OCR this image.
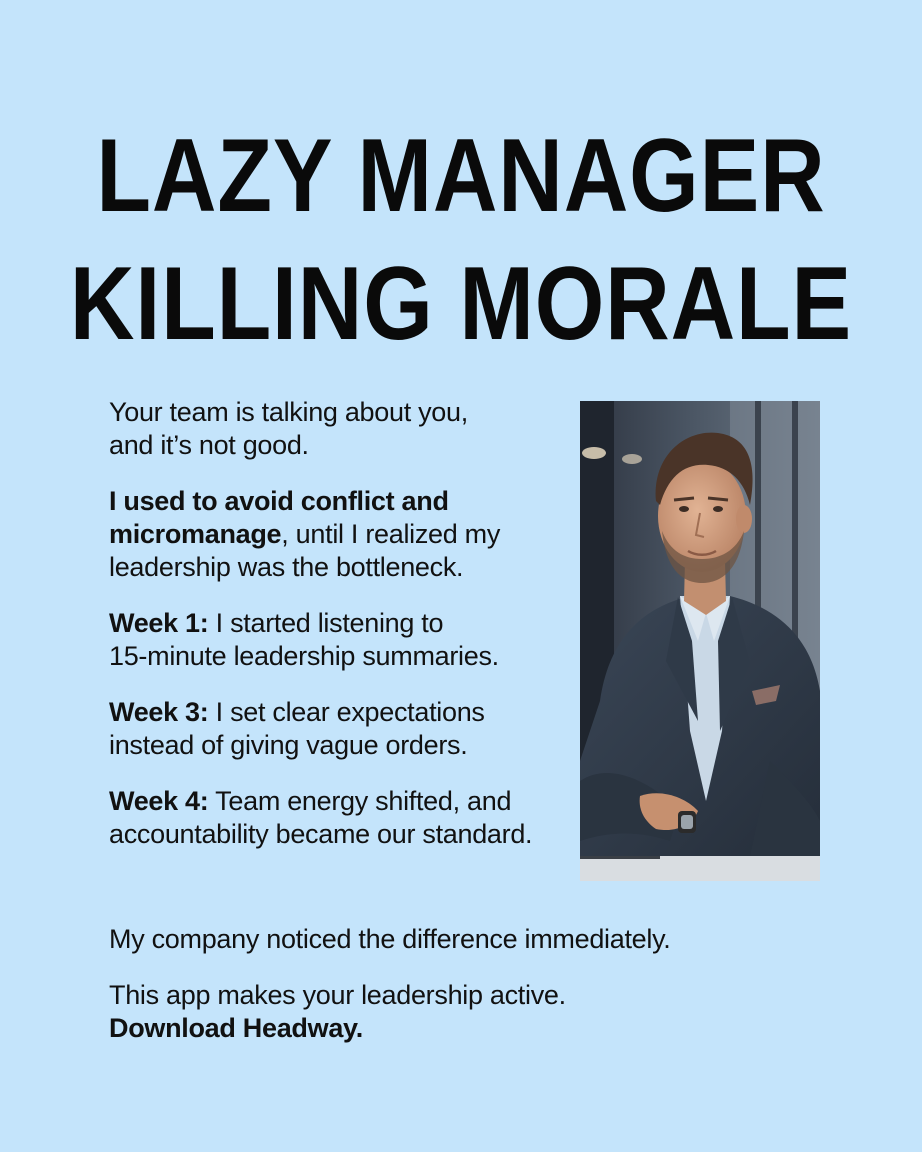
LAZY MANAGER
KILLING MORALE

Your team is talking about you,
and it’s not good.

I used to avoid conflict and
micromanage, until I realized my
leadership was the bottleneck.

Week 1: I started listening to
15-minute leadership summaries.

Week 3: I set clear expectations
instead of giving vague orders.

Week 4: Team energy shifted, and
accountability became our standard.

My company noticed the difference immediately.

This app makes your leadership active.
Download Headway.
